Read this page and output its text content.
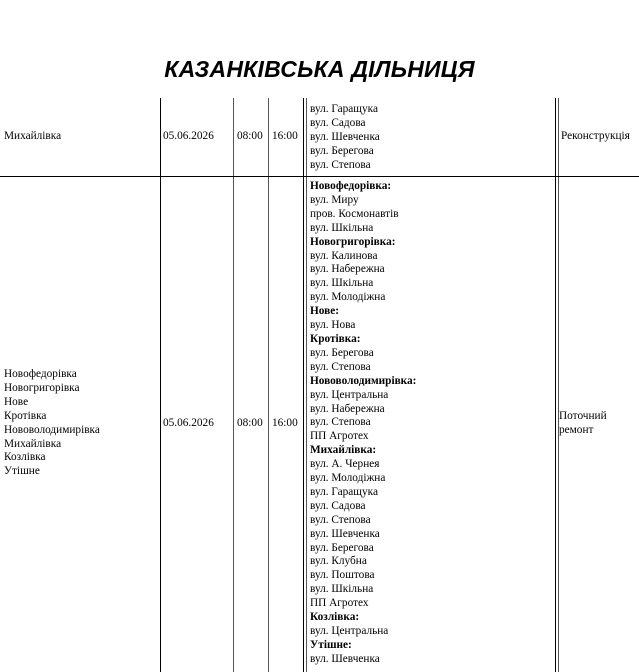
КАЗАНКІВСЬКА ДІЛЬНИЦЯ
Михайлівка	05.06.2026 08:00 16:00
вул. Гаращука
вул. Садова
вул. Шевченка
вул. Берегова
вул. Степова
Реконструкція
Новофедорівка
Новогригорівка
Нове
Кротівка
Нововолодимирівка
Михайлівка
Козлівка
Утішне
05.06.2026 08:00 16:00
Новофедорівка:
вул. Миру
пров. Космонавтів
вул. Шкільна
Новогригорівка:
вул. Калинова
вул. Набережна
вул. Шкільна
вул. Молодіжна
Нове:
вул. Нова
Кротівка:
вул. Берегова
вул. Степова
Нововолодимирівка:
вул. Центральна
вул. Набережна
вул. Степова
ПП Агротех
Михайлівка:
вул. А. Чернея
вул. Молодіжна
вул. Гаращука
вул. Садова
вул. Степова
вул. Шевченка
вул. Берегова
вул. Клубна
вул. Поштова
вул. Шкільна
ПП Агротех
Козлівка:
вул. Центральна
Утішне:
вул. Шевченка
Поточний
ремонт
